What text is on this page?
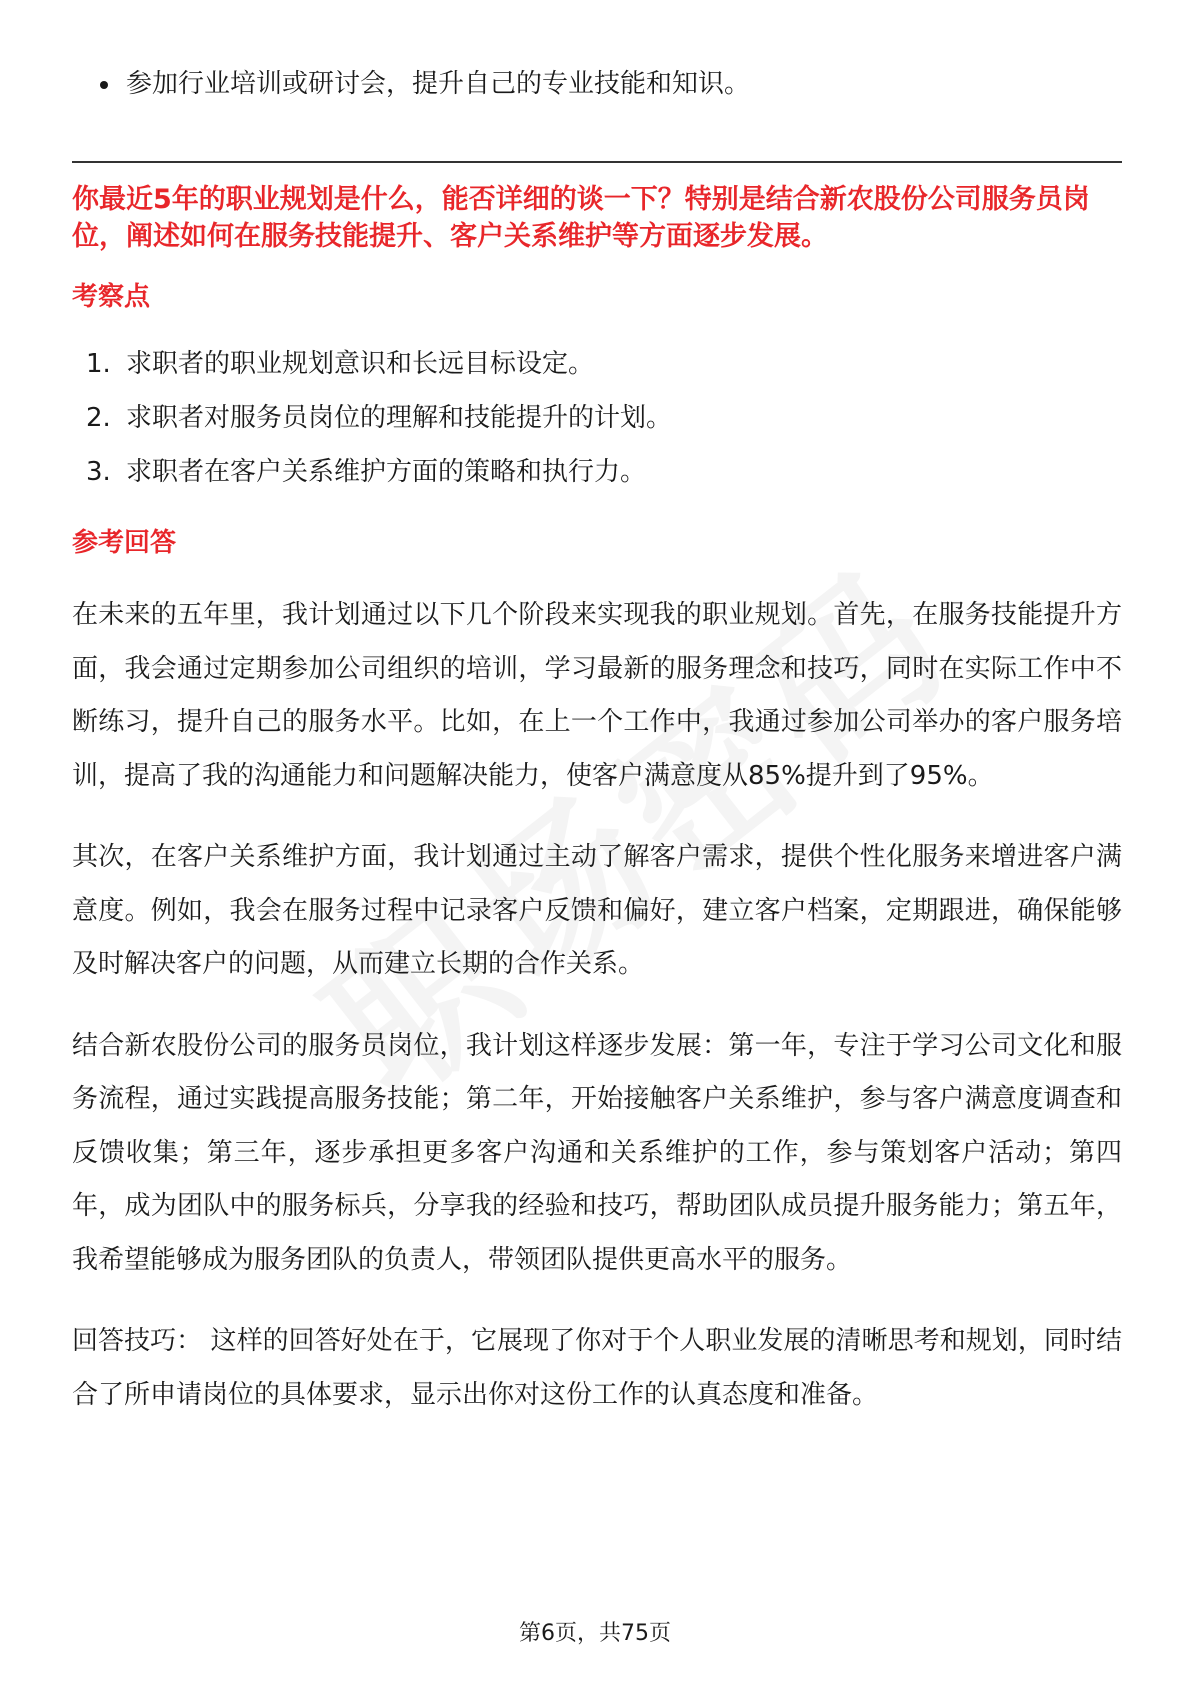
参加行业培训或研讨会，提升自己的专业技能和知识。
你最近5年的职业规划是什么，能否详细的谈一下？特别是结合新农股份公司服务员岗位，阐述如何在服务技能提升、客户关系维护等方面逐步发展。
考察点
1. 求职者的职业规划意识和长远目标设定。
2. 求职者对服务员岗位的理解和技能提升的计划。
3. 求职者在客户关系维护方面的策略和执行力。
参考回答

在未来的五年里，我计划通过以下几个阶段来实现我的职业规划。首先，在服务技能提升方面，我会通过定期参加公司组织的培训，学习最新的服务理念和技巧，同时在实际工作中不断练习，提升自己的服务水平。比如，在上一个工作中，我通过参加公司举办的客户服务培训，提高了我的沟通能力和问题解决能力，使客户满意度从85%提升到了95%。

其次，在客户关系维护方面，我计划通过主动了解客户需求，提供个性化服务来增进客户满意度。例如，我会在服务过程中记录客户反馈和偏好，建立客户档案，定期跟进，确保能够及时解决客户的问题，从而建立长期的合作关系。

结合新农股份公司的服务员岗位，我计划这样逐步发展：第一年，专注于学习公司文化和服务流程，通过实践提高服务技能；第二年，开始接触客户关系维护，参与客户满意度调查和反馈收集；第三年，逐步承担更多客户沟通和关系维护的工作，参与策划客户活动；第四年，成为团队中的服务标兵，分享我的经验和技巧，帮助团队成员提升服务能力；第五年，我希望能够成为服务团队的负责人，带领团队提供更高水平的服务。

回答技巧： 这样的回答好处在于，它展现了你对于个人职业发展的清晰思考和规划，同时结合了所申请岗位的具体要求，显示出你对这份工作的认真态度和准备。

第6页，共75页
